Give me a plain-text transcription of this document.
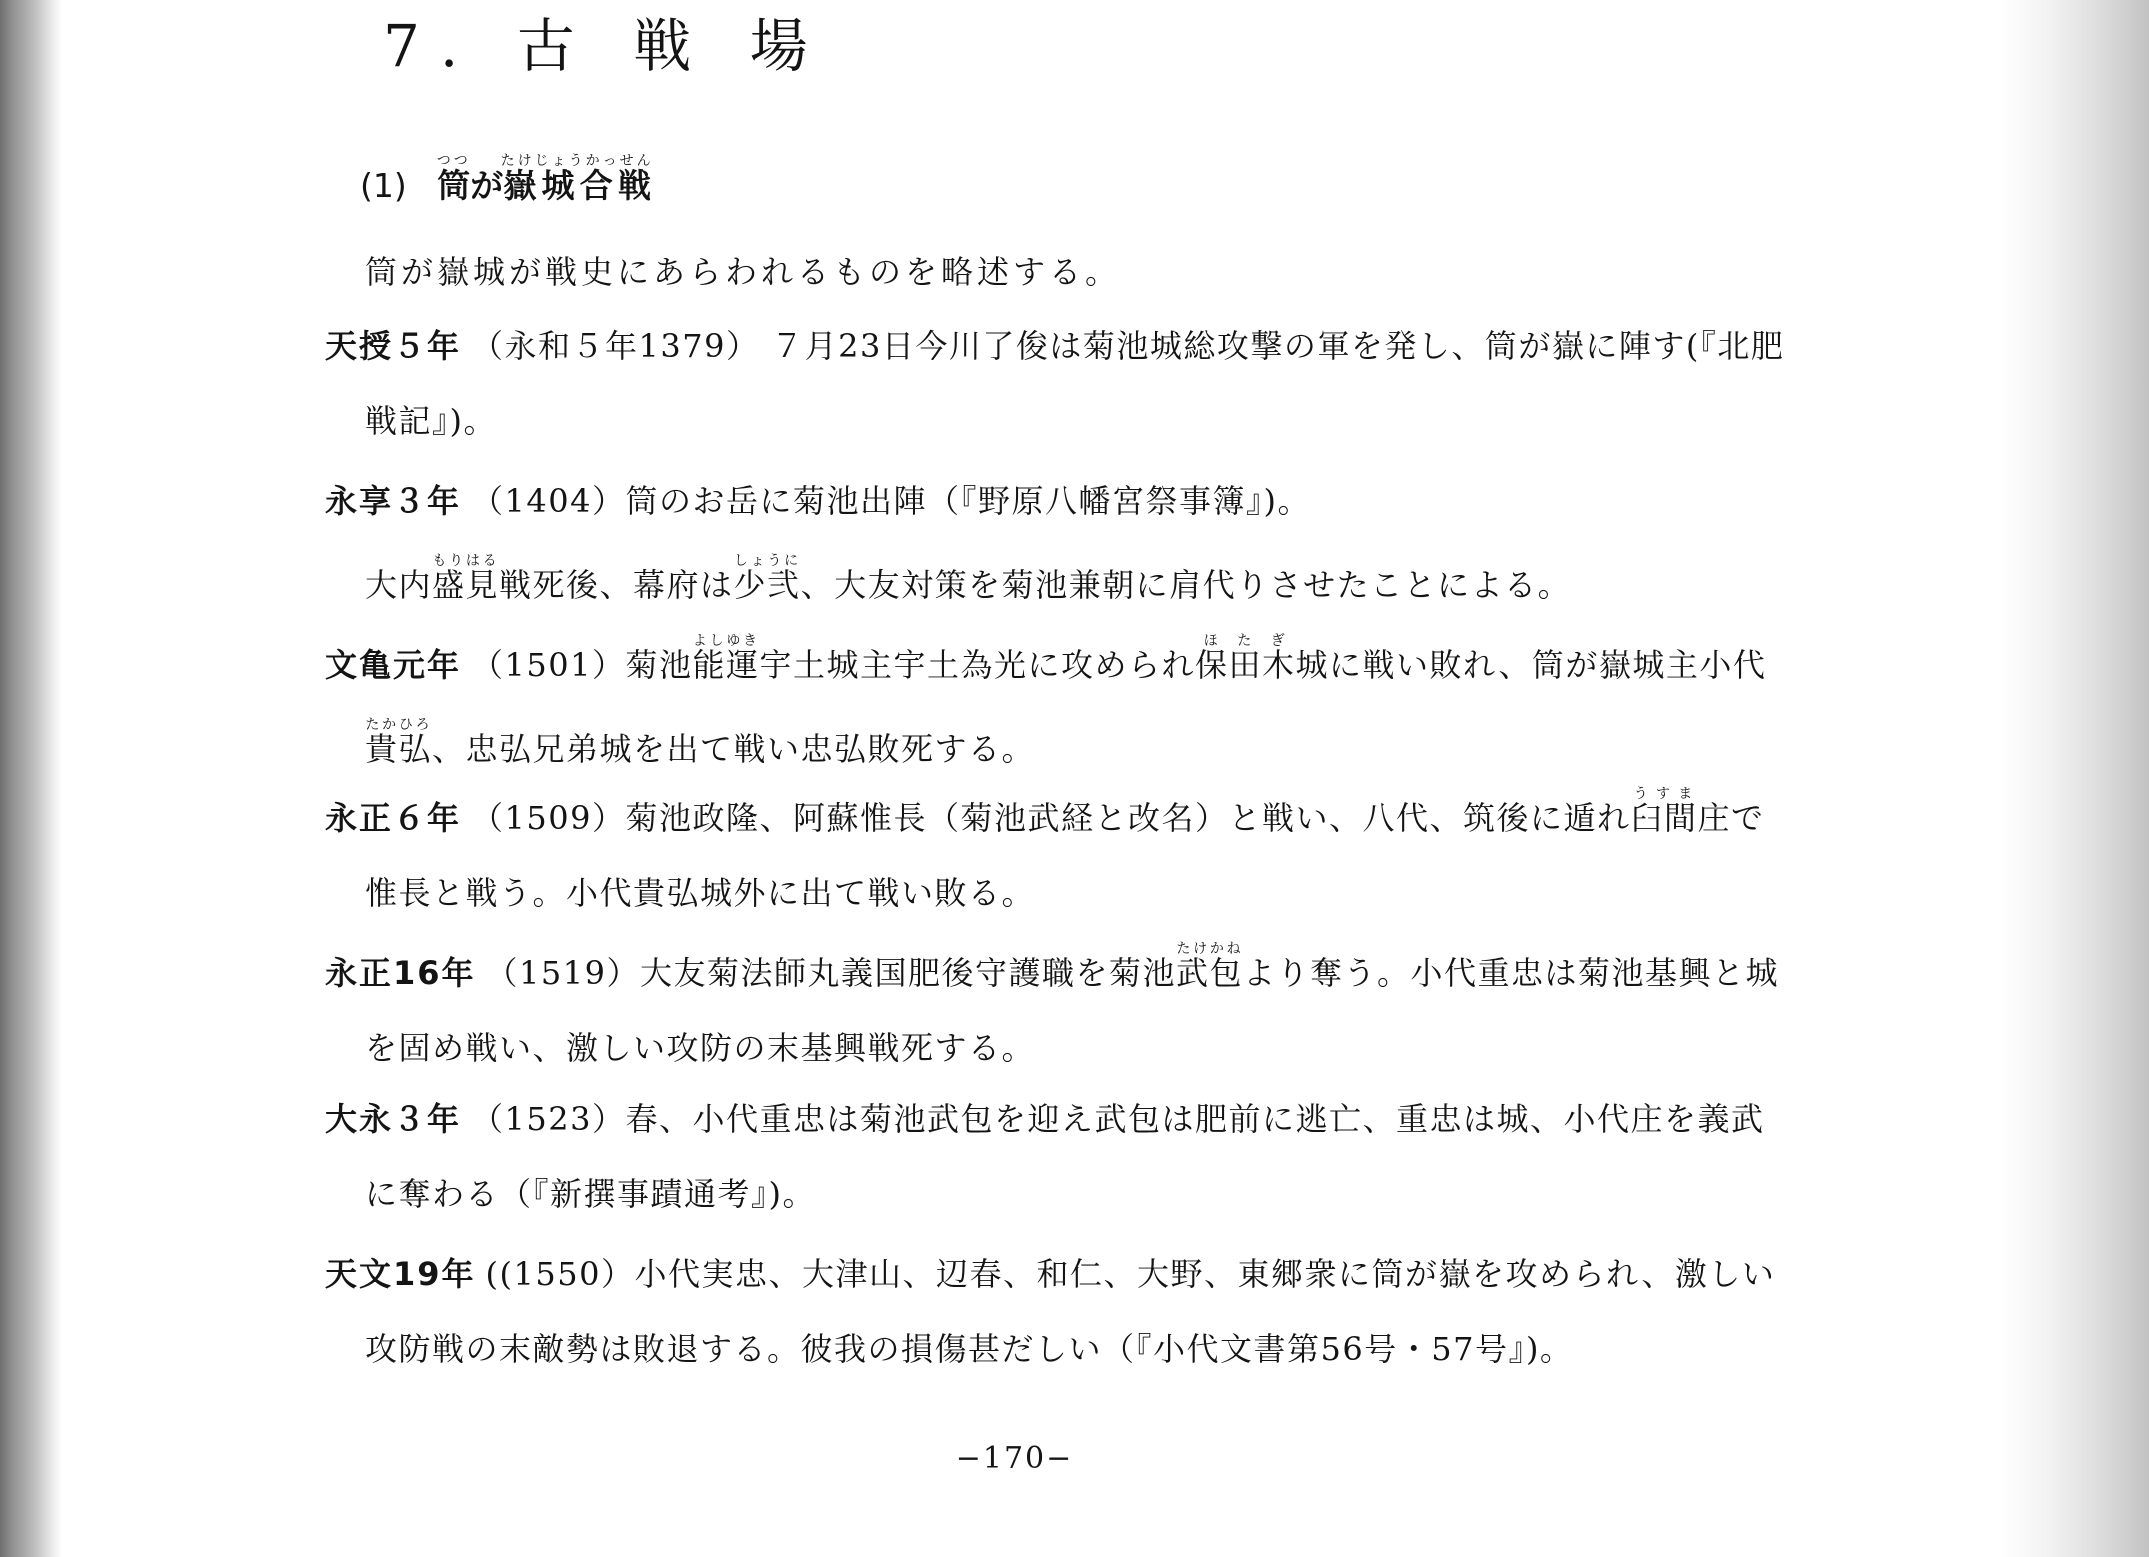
7. 古 戦 場
(1) 筒つつが嶽城合戦たけじょうかっせん
筒が嶽城が戦史にあらわれるものを略述する。
天授５年 （永和５年1379） ７月23日今川了俊は菊池城総攻撃の軍を発し、筒が嶽に陣す(『北肥
戦記』)。
永享３年 （1404）筒のお岳に菊池出陣（『野原八幡宮祭事簿』)。
大内盛見もりはる戦死後、幕府は少弐しょうに、大友対策を菊池兼朝に肩代りさせたことによる。
文亀元年 （1501）菊池能運よしゆき宇土城主宇土為光に攻められ保田木ほたぎ城に戦い敗れ、筒が嶽城主小代
貴弘たかひろ、忠弘兄弟城を出て戦い忠弘敗死する。
永正６年 （1509）菊池政隆、阿蘇惟長（菊池武経と改名）と戦い、八代、筑後に遁れ臼間うすま庄で
惟長と戦う。小代貴弘城外に出て戦い敗る。
永正16年 （1519）大友菊法師丸義国肥後守護職を菊池武包たけかねより奪う。小代重忠は菊池基興と城
を固め戦い、激しい攻防の末基興戦死する。
大永３年 （1523）春、小代重忠は菊池武包を迎え武包は肥前に逃亡、重忠は城、小代庄を義武
に奪わる（『新撰事蹟通考』)。
天文19年 ((1550）小代実忠、大津山、辺春、和仁、大野、東郷衆に筒が嶽を攻められ、激しい
攻防戦の末敵勢は敗退する。彼我の損傷甚だしい（『小代文書第56号・57号』)。
−170−
